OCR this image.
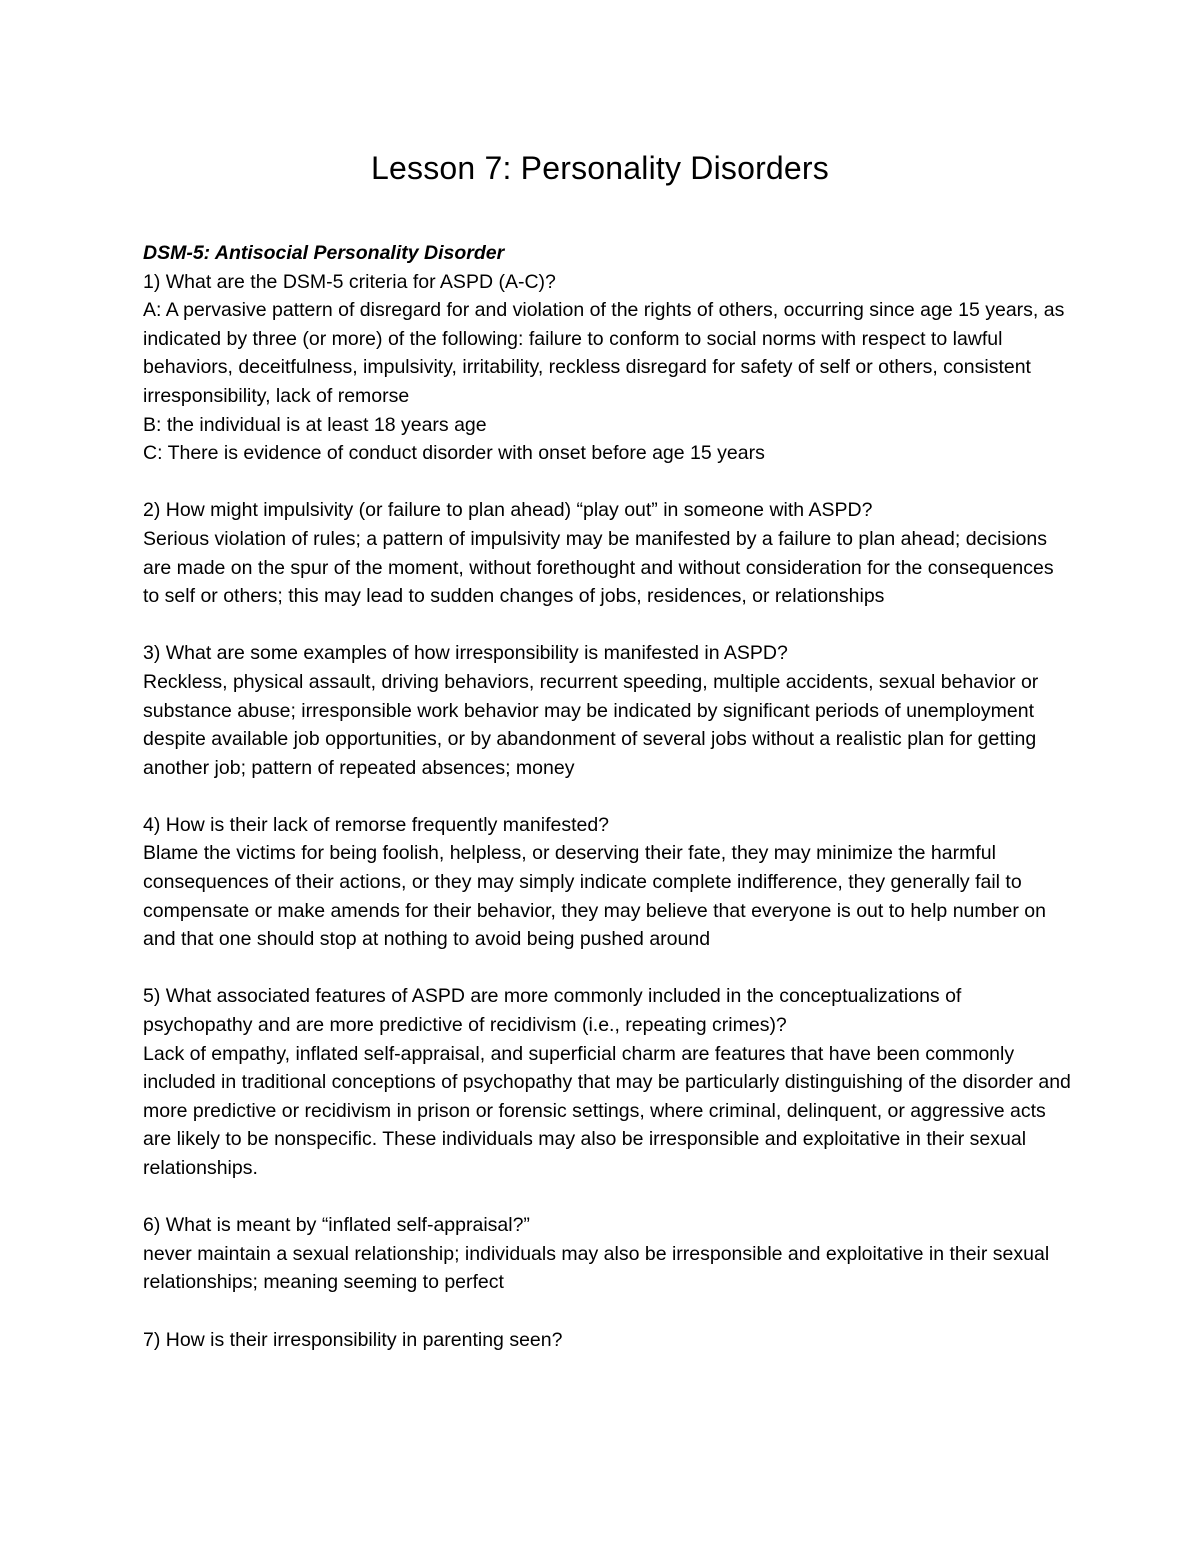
Lesson 7: Personality Disorders

DSM-5: Antisocial Personality Disorder

1) What are the DSM-5 criteria for ASPD (A-C)?

A: A pervasive pattern of disregard for and violation of the rights of others, occurring since age 15 years, as indicated by three (or more) of the following: failure to conform to social norms with respect to lawful behaviors, deceitfulness, impulsivity, irritability, reckless disregard for safety of self or others, consistent irresponsibility, lack of remorse

B: the individual is at least 18 years age

C: There is evidence of conduct disorder with onset before age 15 years

2) How might impulsivity (or failure to plan ahead) “play out” in someone with ASPD?

Serious violation of rules; a pattern of impulsivity may be manifested by a failure to plan ahead; decisions are made on the spur of the moment, without forethought and without consideration for the consequences to self or others; this may lead to sudden changes of jobs, residences, or relationships

3) What are some examples of how irresponsibility is manifested in ASPD?

Reckless, physical assault, driving behaviors, recurrent speeding, multiple accidents, sexual behavior or substance abuse; irresponsible work behavior may be indicated by significant periods of unemployment despite available job opportunities, or by abandonment of several jobs without a realistic plan for getting another job; pattern of repeated absences; money

4) How is their lack of remorse frequently manifested?

Blame the victims for being foolish, helpless, or deserving their fate, they may minimize the harmful consequences of their actions, or they may simply indicate complete indifference, they generally fail to compensate or make amends for their behavior, they may believe that everyone is out to help number on and that one should stop at nothing to avoid being pushed around

5) What associated features of ASPD are more commonly included in the conceptualizations of psychopathy and are more predictive of recidivism (i.e., repeating crimes)?

Lack of empathy, inflated self-appraisal, and superficial charm are features that have been commonly included in traditional conceptions of psychopathy that may be particularly distinguishing of the disorder and more predictive or recidivism in prison or forensic settings, where criminal, delinquent, or aggressive acts are likely to be nonspecific. These individuals may also be irresponsible and exploitative in their sexual relationships.

6) What is meant by “inflated self-appraisal?”

never maintain a sexual relationship; individuals may also be irresponsible and exploitative in their sexual relationships; meaning seeming to perfect

7) How is their irresponsibility in parenting seen?
